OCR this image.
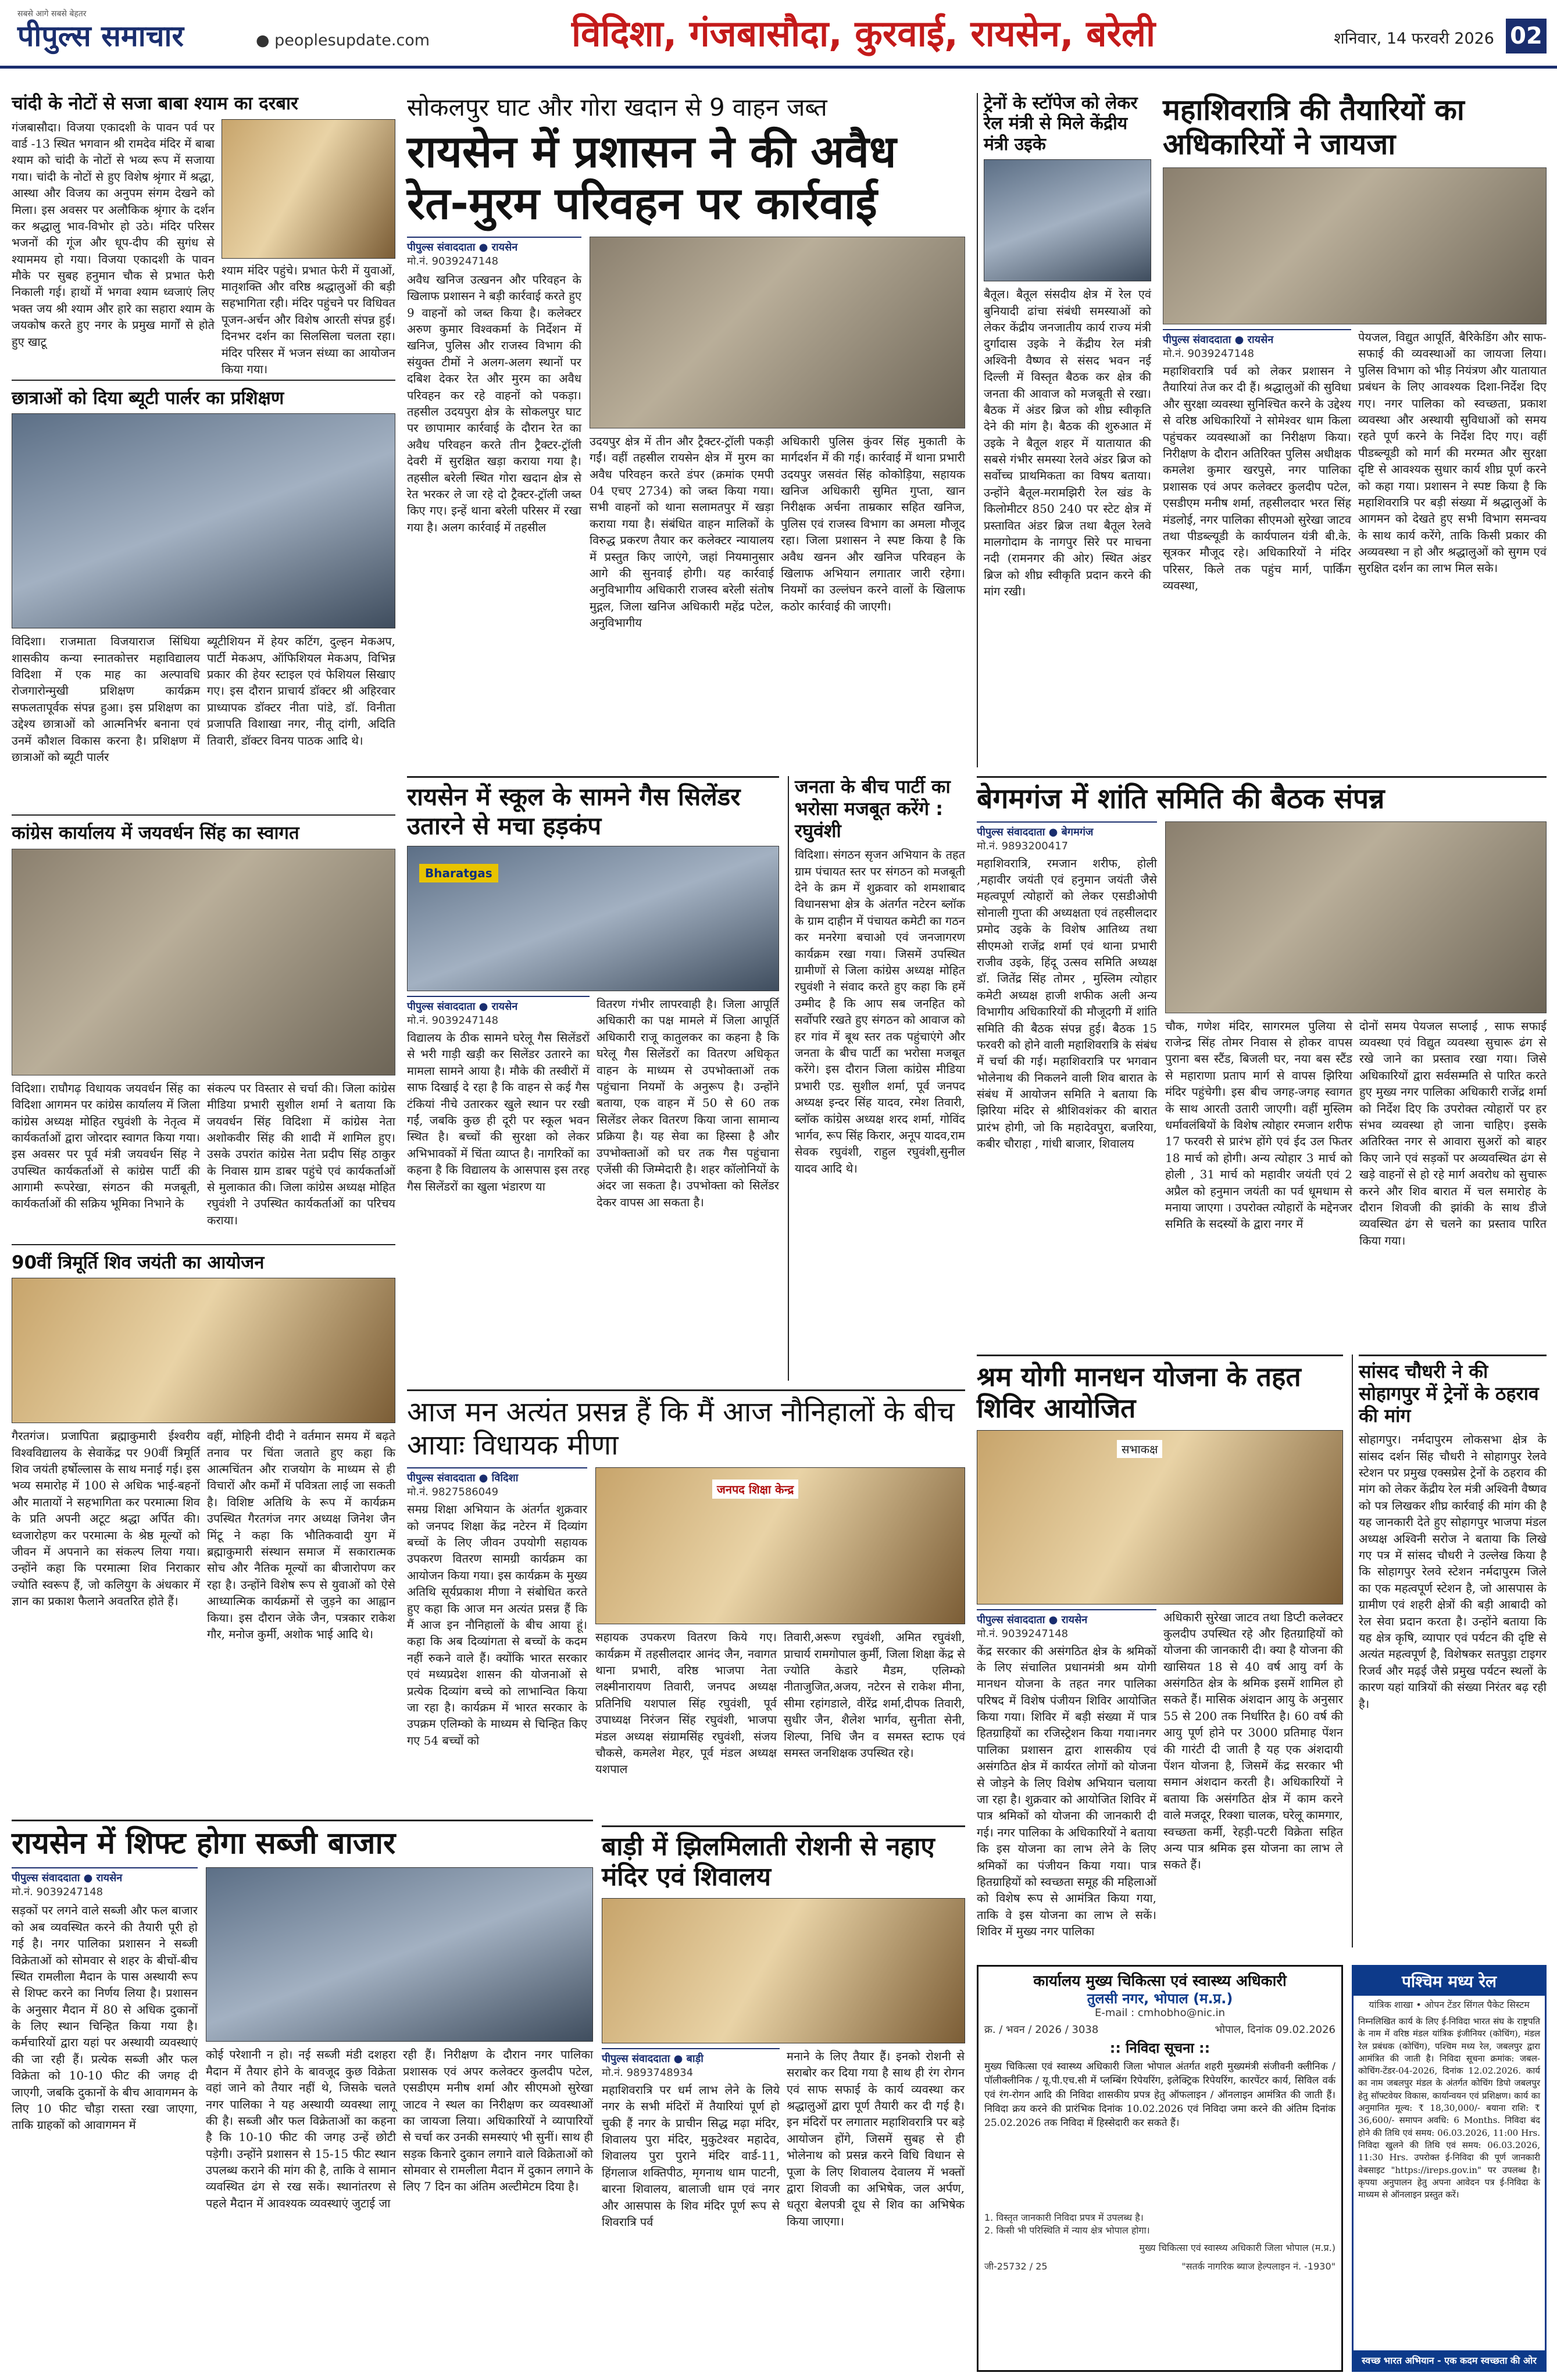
सबसे आगे सबसे बेहतर
पीपुल्स समाचार	● peoplesupdate.com	विदिशा, गंजबासौदा, कुरवाई, रायसेन, बरेली	शनिवार, 14 फरवरी 2026 02
चांदी के नोटों से सजा बाबा श्याम का दरबार
गंजबासौदा। विजया एकादशी के पावन पर्व पर वार्ड -13 स्थित भगवान श्री रामदेव मंदिर में बाबा श्याम को चांदी के नोटों से भव्य रूप में सजाया गया। चांदी के नोटों से हुए विशेष श्रृंगार में श्रद्धा, आस्था और विजय का अनुपम संगम देखने को मिला। इस अवसर पर अलौकिक श्रृंगार के दर्शन कर श्रद्धालु भाव-विभोर हो उठे। मंदिर परिसर भजनों की गूंज और धूप-दीप की सुगंध से श्याममय हो गया। विजया एकादशी के पावन मौके पर सुबह हनुमान चौक से प्रभात फेरी निकाली गई। हाथों में भगवा श्याम ध्वजाएं लिए भक्त जय श्री श्याम और हारे का सहारा श्याम के जयकोष करते हुए नगर के प्रमुख मार्गों से होते हुए खाटू
श्याम मंदिर पहुंचे। प्रभात फेरी में युवाओं, मातृशक्ति और वरिष्ठ श्रद्धालुओं की बड़ी सहभागिता रही। मंदिर पहुंचने पर विधिवत पूजन-अर्चन और विशेष आरती संपन्न हुई। दिनभर दर्शन का सिलसिला चलता रहा। मंदिर परिसर में भजन संध्या का आयोजन किया गया।
छात्राओं को दिया ब्यूटी पार्लर का प्रशिक्षण
विदिशा। राजमाता विजयाराज सिंधिया शासकीय कन्या स्नातकोत्तर महाविद्यालय विदिशा में एक माह का अल्पावधि रोजगारोन्मुखी प्रशिक्षण कार्यक्रम सफलतापूर्वक संपन्न हुआ। इस प्रशिक्षण का उद्देश्य छात्राओं को आत्मनिर्भर बनाना एवं उनमें कौशल विकास करना है। प्रशिक्षण में छात्राओं को ब्यूटी पार्लर
ब्यूटीशियन में हेयर कटिंग, दुल्हन मेकअप, पार्टी मेकअप, ऑफिशियल मेकअप, विभिन्न प्रकार की हेयर स्टाइल एवं फेशियल सिखाए गए। इस दौरान प्राचार्य डॉक्टर श्री अहिरवार प्राध्यापक डॉक्टर नीता पांडे, डॉ. विनीता प्रजापति विशाखा नगर, नीतू दांगी, अदिति तिवारी, डॉक्टर विनय पाठक आदि थे।
कांग्रेस कार्यालय में जयवर्धन सिंह का स्वागत
विदिशा। राघौगढ़ विधायक जयवर्धन सिंह का विदिशा आगमन पर कांग्रेस कार्यालय में जिला कांग्रेस अध्यक्ष मोहित रघुवंशी के नेतृत्व में कार्यकर्ताओं द्वारा जोरदार स्वागत किया गया। इस अवसर पर पूर्व मंत्री जयवर्धन सिंह ने उपस्थित कार्यकर्ताओं से कांग्रेस पार्टी की आगामी रूपरेखा, संगठन की मजबूती, कार्यकर्ताओं की सक्रिय भूमिका निभाने के
संकल्प पर विस्तार से चर्चा की। जिला कांग्रेस मीडिया प्रभारी सुशील शर्मा ने बताया कि जयवर्धन सिंह विदिशा में कांग्रेस नेता अशोकवीर सिंह की शादी में शामिल हुए। उसके उपरांत कांग्रेस नेता प्रदीप सिंह ठाकुर के निवास ग्राम डाबर पहुंचे एवं कार्यकर्ताओं से मुलाकात की। जिला कांग्रेस अध्यक्ष मोहित रघुवंशी ने उपस्थित कार्यकर्ताओं का परिचय कराया।
90वीं त्रिमूर्ति शिव जयंती का आयोजन
गैरतगंज। प्रजापिता ब्रह्माकुमारी ईश्वरीय विश्वविद्यालय के सेवाकेंद्र पर 90वीं त्रिमूर्ति शिव जयंती हर्षोल्लास के साथ मनाई गई। इस भव्य समारोह में 100 से अधिक भाई-बहनों और मातायों ने सहभागिता कर परमात्मा शिव के प्रति अपनी अटूट श्रद्धा अर्पित की। ध्वजारोहण कर परमात्मा के श्रेष्ठ मूल्यों को जीवन में अपनाने का संकल्प लिया गया। उन्होंने कहा कि परमात्मा शिव निराकार ज्योति स्वरूप हैं, जो कलियुग के अंधकार में ज्ञान का प्रकाश फैलाने अवतरित होते हैं।
वहीं, मोहिनी दीदी ने वर्तमान समय में बढ़ते तनाव पर चिंता जताते हुए कहा कि आत्मचिंतन और राजयोग के माध्यम से ही विचारों और कर्मों में पवित्रता लाई जा सकती है। विशिष्ट अतिथि के रूप में कार्यक्रम उपस्थित गैरतगंज नगर अध्यक्ष जिनेश जैन मिंटू ने कहा कि भौतिकवादी युग में ब्रह्माकुमारी संस्थान समाज में सकारात्मक सोच और नैतिक मूल्यों का बीजारोपण कर रहा है। उन्होंने विशेष रूप से युवाओं को ऐसे आध्यात्मिक कार्यक्रमों से जुड़ने का आह्वान किया। इस दौरान जेके जैन, पत्रकार राकेश गौर, मनोज कुर्मी, अशोक भाई आदि थे।
रायसेन में शिफ्ट होगा सब्जी बाजार
पीपुल्स संवाददाता ● रायसेन
मो.नं. 9039247148
सड़कों पर लगने वाले सब्जी और फल बाजार को अब व्यवस्थित करने की तैयारी पूरी हो गई है। नगर पालिका प्रशासन ने सब्जी विक्रेताओं को सोमवार से शहर के बीचों-बीच स्थित रामलीला मैदान के पास अस्थायी रूप से शिफ्ट करने का निर्णय लिया है। प्रशासन के अनुसार मैदान में 80 से अधिक दुकानों के लिए स्थान चिन्हित किया गया है। कर्मचारियों द्वारा यहां पर अस्थायी व्यवस्थाएं की जा रही हैं। प्रत्येक सब्जी और फल विक्रेता को 10-10 फीट की जगह दी जाएगी, जबकि दुकानों के बीच आवागमन के लिए 10 फीट चौड़ा रास्ता रखा जाएगा, ताकि ग्राहकों को आवागमन में
कोई परेशानी न हो। नई सब्जी मंडी दशहरा मैदान में तैयार होने के बावजूद कुछ विक्रेता वहां जाने को तैयार नहीं थे, जिसके चलते नगर पालिका ने यह अस्थायी व्यवस्था लागू की है। सब्जी और फल विक्रेताओं का कहना है कि 10-10 फीट की जगह उन्हें छोटी पड़ेगी। उन्होंने प्रशासन से 15-15 फीट स्थान उपलब्ध कराने की मांग की है, ताकि वे सामान व्यवस्थित ढंग से रख सकें। स्थानांतरण से पहले मैदान में आवश्यक व्यवस्थाएं जुटाई जा
रही हैं। निरीक्षण के दौरान नगर पालिका प्रशासक एवं अपर कलेक्टर कुलदीप पटेल, एसडीएम मनीष शर्मा और सीएमओ सुरेखा जाटव ने स्थल का निरीक्षण कर व्यवस्थाओं का जायजा लिया। अधिकारियों ने व्यापारियों से चर्चा कर उनकी समस्याएं भी सुनीं। साथ ही सड़क किनारे दुकान लगाने वाले विक्रेताओं को सोमवार से रामलीला मैदान में दुकान लगाने के लिए 7 दिन का अंतिम अल्टीमेटम दिया है।
सोकलपुर घाट और गोरा खदान से 9 वाहन जब्त
रायसेन में प्रशासन ने की अवैध रेत-मुरम परिवहन पर कार्रवाई
पीपुल्स संवाददाता ● रायसेन
मो.नं. 9039247148
अवैध खनिज उत्खनन और परिवहन के खिलाफ प्रशासन ने बड़ी कार्रवाई करते हुए 9 वाहनों को जब्त किया है। कलेक्टर अरुण कुमार विश्वकर्मा के निर्देशन में खनिज, पुलिस और राजस्व विभाग की संयुक्त टीमों ने अलग-अलग स्थानों पर दबिश देकर रेत और मुरम का अवैध परिवहन कर रहे वाहनों को पकड़ा। तहसील उदयपुरा क्षेत्र के सोकलपुर घाट पर छापामार कार्रवाई के दौरान रेत का अवैध परिवहन करते तीन ट्रैक्टर-ट्रॉली देवरी में सुरक्षित खड़ा कराया गया है। तहसील बरेली स्थित गोरा खदान क्षेत्र से रेत भरकर ले जा रहे दो ट्रैक्टर-ट्रॉली जब्त किए गए। इन्हें थाना बरेली परिसर में रखा गया है। अलग कार्रवाई में तहसील
उदयपुर क्षेत्र में तीन और ट्रैक्टर-ट्रॉली पकड़ी गईं। वहीं तहसील रायसेन क्षेत्र में मुरम का अवैध परिवहन करते डंपर (क्रमांक एमपी 04 एचए 2734) को जब्त किया गया। सभी वाहनों को थाना सलामतपुर में खड़ा कराया गया है। संबंधित वाहन मालिकों के विरुद्ध प्रकरण तैयार कर कलेक्टर न्यायालय में प्रस्तुत किए जाएंगे, जहां नियमानुसार आगे की सुनवाई होगी। यह कार्रवाई अनुविभागीय अधिकारी राजस्व बरेली संतोष मुद्गल, जिला खनिज अधिकारी महेंद्र पटेल, अनुविभागीय
अधिकारी पुलिस कुंवर सिंह मुकाती के मार्गदर्शन में की गई। कार्रवाई में थाना प्रभारी उदयपुर जसवंत सिंह कोकोड़िया, सहायक खनिज अधिकारी सुमित गुप्ता, खान निरीक्षक अर्चना ताम्रकार सहित खनिज, पुलिस एवं राजस्व विभाग का अमला मौजूद रहा। जिला प्रशासन ने स्पष्ट किया है कि अवैध खनन और खनिज परिवहन के खिलाफ अभियान लगातार जारी रहेगा। नियमों का उल्लंघन करने वालों के खिलाफ कठोर कार्रवाई की जाएगी।
रायसेन में स्कूल के सामने गैस सिलेंडर उतारने से मचा हड़कंप
Bharatgas
पीपुल्स संवाददाता ● रायसेन
मो.नं. 9039247148
विद्यालय के ठीक सामने घरेलू गैस सिलेंडरों से भरी गाड़ी खड़ी कर सिलेंडर उतारने का मामला सामने आया है। मौके की तस्वीरों में साफ दिखाई दे रहा है कि वाहन से कई गैस टंकियां नीचे उतारकर खुले स्थान पर रखी गईं, जबकि कुछ ही दूरी पर स्कूल भवन स्थित है। बच्चों की सुरक्षा को लेकर अभिभावकों में चिंता व्याप्त है। नागरिकों का कहना है कि विद्यालय के आसपास इस तरह गैस सिलेंडरों का खुला भंडारण या
वितरण गंभीर लापरवाही है। जिला आपूर्ति अधिकारी का पक्ष मामले में जिला आपूर्ति अधिकारी राजू कातुलकर का कहना है कि घरेलू गैस सिलेंडरों का वितरण अधिकृत वाहन के माध्यम से उपभोक्ताओं तक पहुंचाना नियमों के अनुरूप है। उन्होंने बताया, एक वाहन में 50 से 60 तक सिलेंडर लेकर वितरण किया जाना सामान्य प्रक्रिया है। यह सेवा का हिस्सा है और उपभोक्ताओं को घर तक गैस पहुंचाना एजेंसी की जिम्मेदारी है। शहर कॉलोनियों के अंदर जा सकता है। उपभोक्ता को सिलेंडर देकर वापस आ सकता है।
जनता के बीच पार्टी का भरोसा मजबूत करेंगे : रघुवंशी
विदिशा। संगठन सृजन अभियान के तहत ग्राम पंचायत स्तर पर संगठन को मजबूती देने के क्रम में शुक्रवार को शमशाबाद विधानसभा क्षेत्र के अंतर्गत नटेरन ब्लॉक के ग्राम दाहीन में पंचायत कमेटी का गठन कर मनरेगा बचाओ एवं जनजागरण कार्यक्रम रखा गया। जिसमें उपस्थित ग्रामीणों से जिला कांग्रेस अध्यक्ष मोहित रघुवंशी ने संवाद करते हुए कहा कि हमें उम्मीद है कि आप सब जनहित को सर्वोपरि रखते हुए संगठन को आवाज को हर गांव में बूथ स्तर तक पहुंचाएंगे और जनता के बीच पार्टी का भरोसा मजबूत करेंगे। इस दौरान जिला कांग्रेस मीडिया प्रभारी एड. सुशील शर्मा, पूर्व जनपद अध्यक्ष इन्दर सिंह यादव, रमेश तिवारी, ब्लॉक कांग्रेस अध्यक्ष शरद शर्मा, गोविंद भार्गव, रूप सिंह किरार, अनूप यादव,राम सेवक रघुवंशी, राहुल रघुवंशी,सुनील यादव आदि थे।
आज मन अत्यंत प्रसन्न हैं कि मैं आज नौनिहालों के बीच आयाः विधायक मीणा
पीपुल्स संवाददाता ● विदिशा
मो.नं. 9827586049
समग्र शिक्षा अभियान के अंतर्गत शुक्रवार को जनपद शिक्षा केंद्र नटेरन में दिव्यांग बच्चों के लिए जीवन उपयोगी सहायक उपकरण वितरण सामग्री कार्यक्रम का आयोजन किया गया। इस कार्यक्रम के मुख्य अतिथि सूर्यप्रकाश मीणा ने संबोधित करते हुए कहा कि आज मन अत्यंत प्रसन्न हैं कि मैं आज इन नौनिहालों के बीच आया हूं। कहा कि अब दिव्यांगता से बच्चों के कदम नहीं रुकने वाले हैं। क्योंकि भारत सरकार एवं मध्यप्रदेश शासन की योजनाओं से प्रत्येक दिव्यांग बच्चे को लाभान्वित किया जा रहा है। कार्यक्रम में भारत सरकार के उपक्रम एलिम्को के माध्यम से चिन्हित किए गए 54 बच्चों को
जनपद शिक्षा केन्द्र
सहायक उपकरण वितरण किये गए। कार्यक्रम में तहसीलदार आनंद जैन, नवागत थाना प्रभारी, वरिष्ठ भाजपा नेता लक्ष्मीनारायण तिवारी, जनपद अध्यक्ष प्रतिनिधि यशपाल सिंह रघुवंशी, पूर्व उपाध्यक्ष निरंजन सिंह रघुवंशी, भाजपा मंडल अध्यक्ष संग्रामसिंह रघुवंशी, संजय चौकसे, कमलेश मेहर, पूर्व मंडल अध्यक्ष यशपाल
तिवारी,अरूण रघुवंशी, अमित रघुवंशी, प्राचार्य रामगोपाल कुर्मी, जिला शिक्षा केंद्र से ज्योति केडारे मैडम, एलिम्को नीताजुजित,अजय, नटेरन से राकेश मीना, सीमा रहांगडाले, वीरेंद्र शर्मा,दीपक तिवारी, सुधीर जैन, शैलेश भार्गव, सुनीता सेनी, शिल्पा, निधि जैन व समस्त स्टाफ एवं समस्त जनशिक्षक उपस्थित रहे।
बाड़ी में झिलमिलाती रोशनी से नहाए मंदिर एवं शिवालय
पीपुल्स संवाददाता ● बाड़ी
मो.नं. 9893748934
महाशिवरात्रि पर धर्म लाभ लेने के लिये नगर के सभी मंदिरों में तैयारियां पूर्ण हो चुकी हैं नगर के प्राचीन सिद्ध मढ़ा मंदिर, शिवालय पुरा मंदिर, मुकुटेश्वर महादेव, शिवालय पुरा पुराने मंदिर वार्ड-11, हिंगलाज शक्तिपीठ, मृगनाथ धाम पाटनी, बारना शिवालय, बालाजी धाम एवं नगर और आसपास के शिव मंदिर पूर्ण रूप से शिवरात्रि पर्व
मनाने के लिए तैयार हैं। इनको रोशनी से सराबोर कर दिया गया है साथ ही रंग रोगन एवं साफ सफाई के कार्य व्यवस्था कर श्रद्धालुओं द्वारा पूर्ण तैयारी कर दी गई है। इन मंदिरों पर लगातार महाशिवरात्रि पर बड़े आयोजन होंगे, जिसमें सुबह से ही भोलेनाथ को प्रसन्न करने विधि विधान से पूजा के लिए शिवालय देवालय में भक्तों द्वारा शिवजी का अभिषेक, जल अर्पण, धतूरा बेलपत्री दूध से शिव का अभिषेक किया जाएगा।
ट्रेनों के स्टॉपेज को लेकर रेल मंत्री से मिले केंद्रीय मंत्री उइके
बैतूल। बैतूल संसदीय क्षेत्र में रेल एवं बुनियादी ढांचा संबंधी समस्याओं को लेकर केंद्रीय जनजातीय कार्य राज्य मंत्री दुर्गादास उइके ने केंद्रीय रेल मंत्री अश्विनी वैष्णव से संसद भवन नई दिल्ली में विस्तृत बैठक कर क्षेत्र की जनता की आवाज को मजबूती से रखा। बैठक में अंडर ब्रिज को शीघ्र स्वीकृति देने की मांग है। बैठक की शुरुआत में उइके ने बैतूल शहर में यातायात की सबसे गंभीर समस्या रेलवे अंडर ब्रिज को सर्वोच्च प्राथमिकता का विषय बताया। उन्होंने बैतूल-मरामझिरी रेल खंड के किलोमीटर 850 240 पर स्टेट क्षेत्र में प्रस्तावित अंडर ब्रिज तथा बैतूल रेलवे मालगोदाम के नागपुर सिरे पर माचना नदी (रामनगर की ओर) स्थित अंडर ब्रिज को शीघ्र स्वीकृति प्रदान करने की मांग रखी।
महाशिवरात्रि की तैयारियों का अधिकारियों ने जायजा
पीपुल्स संवाददाता ● रायसेन
मो.नं. 9039247148
महाशिवरात्रि पर्व को लेकर प्रशासन ने तैयारियां तेज कर दी हैं। श्रद्धालुओं की सुविधा और सुरक्षा व्यवस्था सुनिश्चित करने के उद्देश्य से वरिष्ठ अधिकारियों ने सोमेश्वर धाम किला पहुंचकर व्यवस्थाओं का निरीक्षण किया। निरीक्षण के दौरान अतिरिक्त पुलिस अधीक्षक कमलेश कुमार खरपुसे, नगर पालिका प्रशासक एवं अपर कलेक्टर कुलदीप पटेल, एसडीएम मनीष शर्मा, तहसीलदार भरत सिंह मंडलोई, नगर पालिका सीएमओ सुरेखा जाटव तथा पीडब्ल्यूडी के कार्यपालन यंत्री बी.के. सूत्रकर मौजूद रहे। अधिकारियों ने मंदिर परिसर, किले तक पहुंच मार्ग, पार्किंग व्यवस्था,
पेयजल, विद्युत आपूर्ति, बैरिकेडिंग और साफ-सफाई की व्यवस्थाओं का जायजा लिया। पुलिस विभाग को भीड़ नियंत्रण और यातायात प्रबंधन के लिए आवश्यक दिशा-निर्देश दिए गए। नगर पालिका को स्वच्छता, प्रकाश व्यवस्था और अस्थायी सुविधाओं को समय रहते पूर्ण करने के निर्देश दिए गए। वहीं पीडब्ल्यूडी को मार्ग की मरम्मत और सुरक्षा दृष्टि से आवश्यक सुधार कार्य शीघ्र पूर्ण करने को कहा गया। प्रशासन ने स्पष्ट किया है कि महाशिवरात्रि पर बड़ी संख्या में श्रद्धालुओं के आगमन को देखते हुए सभी विभाग समन्वय के साथ कार्य करेंगे, ताकि किसी प्रकार की अव्यवस्था न हो और श्रद्धालुओं को सुगम एवं सुरक्षित दर्शन का लाभ मिल सके।
बेगमगंज में शांति समिति की बैठक संपन्न
पीपुल्स संवाददाता ● बेगमगंज
मो.नं. 9893200417
महाशिवरात्रि, रमजान शरीफ, होली ,महावीर जयंती एवं हनुमान जयंती जैसे महत्वपूर्ण त्योहारों को लेकर एसडीओपी सोनाली गुप्ता की अध्यक्षता एवं तहसीलदार प्रमोद उइके के विशेष आतिथ्य तथा सीएमओ राजेंद्र शर्मा एवं थाना प्रभारी राजीव उइके, हिंदू उत्सव समिति अध्यक्ष डॉ. जितेंद्र सिंह तोमर , मुस्लिम त्योहार कमेटी अध्यक्ष हाजी शफीक अली अन्य विभागीय अधिकारियों की मौजूदगी में शांति समिति की बैठक संपन्न हुई। बैठक 15 फरवरी को होने वाली महाशिवरात्रि के संबंध में चर्चा की गई। महाशिवरात्रि पर भगवान भोलेनाथ की निकलने वाली शिव बारात के संबंध में आयोजन समिति ने बताया कि झिरिया मंदिर से श्रीशिवशंकर की बारात प्रारंभ होगी, जो कि महादेवपुरा, बजरिया, कबीर चौराहा , गांधी बाजार, शिवालय
चौक, गणेश मंदिर, सागरमल पुलिया से राजेन्द्र सिंह तोमर निवास से होकर वापस पुराना बस स्टैंड, बिजली घर, नया बस स्टैंड से महाराणा प्रताप मार्ग से वापस झिरिया मंदिर पहुंचेगी। इस बीच जगह-जगह स्वागत के साथ आरती उतारी जाएगी। वहीं मुस्लिम धर्मावलंबियों के विशेष त्योहार रमजान शरीफ 17 फरवरी से प्रारंभ होंगे एवं ईद उल फितर 18 मार्च को होगी। अन्य त्योहार 3 मार्च को होली , 31 मार्च को महावीर जयंती एवं 2 अप्रैल को हनुमान जयंती का पर्व धूमधाम से मनाया जाएगा । उपरोक्त त्योहारों के मद्देनजर समिति के सदस्यों के द्वारा नगर में
दोनों समय पेयजल सप्लाई , साफ सफाई व्यवस्था एवं विद्युत व्यवस्था सुचारू ढंग से रखे जाने का प्रस्ताव रखा गया। जिसे अधिकारियों द्वारा सर्वसम्मति से पारित करते हुए मुख्य नगर पालिका अधिकारी राजेंद्र शर्मा को निर्देश दिए कि उपरोक्त त्योहारों पर हर संभव व्यवस्था हो जाना चाहिए। इसके अतिरिक्त नगर से आवारा सुअरों को बाहर किए जाने एवं सड़कों पर अव्यवस्थित ढंग से खड़े वाहनों से हो रहे मार्ग अवरोध को सुचारू करने और शिव बारात में चल समारोह के दौरान शिवजी की झांकी के साथ डीजे व्यवस्थित ढंग से चलने का प्रस्ताव पारित किया गया।
श्रम योगी मानधन योजना के तहत शिविर आयोजित
सभाकक्ष
पीपुल्स संवाददाता ● रायसेन
मो.नं. 9039247148
केंद्र सरकार की असंगठित क्षेत्र के श्रमिकों के लिए संचालित प्रधानमंत्री श्रम योगी मानधन योजना के तहत नगर पालिका परिषद में विशेष पंजीयन शिविर आयोजित किया गया। शिविर में बड़ी संख्या में पात्र हितग्राहियों का रजिस्ट्रेशन किया गया।नगर पालिका प्रशासन द्वारा शासकीय एवं असंगठित क्षेत्र में कार्यरत लोगों को योजना से जोड़ने के लिए विशेष अभियान चलाया जा रहा है। शुक्रवार को आयोजित शिविर में पात्र श्रमिकों को योजना की जानकारी दी गई। नगर पालिका के अधिकारियों ने बताया कि इस योजना का लाभ लेने के लिए श्रमिकों का पंजीयन किया गया। पात्र हितग्राहियों को स्वच्छता समूह की महिलाओं को विशेष रूप से आमंत्रित किया गया, ताकि वे इस योजना का लाभ ले सकें। शिविर में मुख्य नगर पालिका
अधिकारी सुरेखा जाटव तथा डिप्टी कलेक्टर कुलदीप उपस्थित रहे और हितग्राहियों को योजना की जानकारी दी। क्या है योजना की खासियत 18 से 40 वर्ष आयु वर्ग के असंगठित क्षेत्र के श्रमिक इसमें शामिल हो सकते हैं। मासिक अंशदान आयु के अनुसार 55 से 200 तक निर्धारित है। 60 वर्ष की आयु पूर्ण होने पर 3000 प्रतिमाह पेंशन की गारंटी दी जाती है यह एक अंशदायी पेंशन योजना है, जिसमें केंद्र सरकार भी समान अंशदान करती है। अधिकारियों ने बताया कि असंगठित क्षेत्र में काम करने वाले मजदूर, रिक्शा चालक, घरेलू कामगार, स्वच्छता कर्मी, रेहड़ी-पटरी विक्रेता सहित अन्य पात्र श्रमिक इस योजना का लाभ ले सकते हैं।
सांसद चौधरी ने की सोहागपुर में ट्रेनों के ठहराव की मांग
सोहागपुर। नर्मदापुरम लोकसभा क्षेत्र के सांसद दर्शन सिंह चौधरी ने सोहागपुर रेलवे स्टेशन पर प्रमुख एक्सप्रेस ट्रेनों के ठहराव की मांग को लेकर केंद्रीय रेल मंत्री अश्विनी वैष्णव को पत्र लिखकर शीघ्र कार्रवाई की मांग की है यह जानकारी देते हुए सोहागपुर भाजपा मंडल अध्यक्ष अश्विनी सरोज ने बताया कि लिखे गए पत्र में सांसद चौधरी ने उल्लेख किया है कि सोहागपुर रेलवे स्टेशन नर्मदापुरम जिले का एक महत्वपूर्ण स्टेशन है, जो आसपास के ग्रामीण एवं शहरी क्षेत्रों की बड़ी आबादी को रेल सेवा प्रदान करता है। उन्होंने बताया कि यह क्षेत्र कृषि, व्यापार एवं पर्यटन की दृष्टि से अत्यंत महत्वपूर्ण है, विशेषकर सतपुड़ा टाइगर रिजर्व और मढ़ई जैसे प्रमुख पर्यटन स्थलों के कारण यहां यात्रियों की संख्या निरंतर बढ़ रही है।
कार्यालय मुख्य चिकित्सा एवं स्वास्थ्य अधिकारी
तुलसी नगर, भोपाल (म.प्र.)
E-mail : cmhobho@nic.in
क्र. / भवन / 2026 / 3038	भोपाल, दिनांक 09.02.2026
:: निविदा सूचना ::
मुख्य चिकित्सा एवं स्वास्थ्य अधिकारी जिला भोपाल अंतर्गत शहरी मुख्यमंत्री संजीवनी क्लीनिक / पॉलीक्लीनिक / यू.पी.एच.सी में प्लम्बिंग रिपेयरिंग, इलेक्ट्रिक रिपेयरिंग, कारपेंटर कार्य, सिविल वर्क एवं रंग-रोगन आदि की निविदा शासकीय प्रपत्र हेतु ऑफलाइन / ऑनलाइन आमंत्रित की जाती हैं। निविदा क्रय करने की प्रारंभिक दिनांक 10.02.2026 एवं निविदा जमा करने की अंतिम दिनांक 25.02.2026 तक निविदा में हिस्सेदारी कर सकते हैं।
1. विस्तृत जानकारी निविदा प्रपत्र में उपलब्ध है।
2. किसी भी परिस्थिति में न्याय क्षेत्र भोपाल होगा।
मुख्य चिकित्सा एवं स्वास्थ्य अधिकारी जिला भोपाल (म.प्र.)
जी-25732 / 25	"सतर्क नागरिक ब्याज हेल्पलाइन नं. -1930"
पश्चिम मध्य रेल
यांत्रिक शाखा • ओपन टेंडर सिंगल पैकेट सिस्टम
निम्नलिखित कार्य के लिए ई-निविदा भारत संघ के राष्ट्रपति के नाम में वरिष्ठ मंडल यांत्रिक इंजीनियर (कोचिंग), मंडल रेल प्रबंधक (कोचिंग), पश्चिम मध्य रेल, जबलपुर द्वारा आमंत्रित की जाती है। निविदा सूचना क्रमांक: जबल-कोचिंग-टेंडर-04-2026, दिनांक 12.02.2026. कार्य का नाम जबलपुर मंडल के अंतर्गत कोचिंग डिपो जबलपुर हेतु सॉफ्टवेयर विकास, कार्यान्वयन एवं प्रशिक्षण। कार्य का अनुमानित मूल्य: ₹ 18,30,000/- बयाना राशि: ₹ 36,600/- समापन अवधि: 6 Months. निविदा बंद होने की तिथि एवं समय: 06.03.2026, 11:00 Hrs. निविदा खुलने की तिथि एवं समय: 06.03.2026, 11:30 Hrs. उपरोक्त ई-निविदा की पूर्ण जानकारी वेबसाइट "https://ireps.gov.in" पर उपलब्ध है। कृपया अनुपालन हेतु अपना आवेदन पत्र ई-निविदा के माध्यम से ऑनलाइन प्रस्तुत करें।
स्वच्छ भारत अभियान - एक कदम स्वच्छता की ओर
